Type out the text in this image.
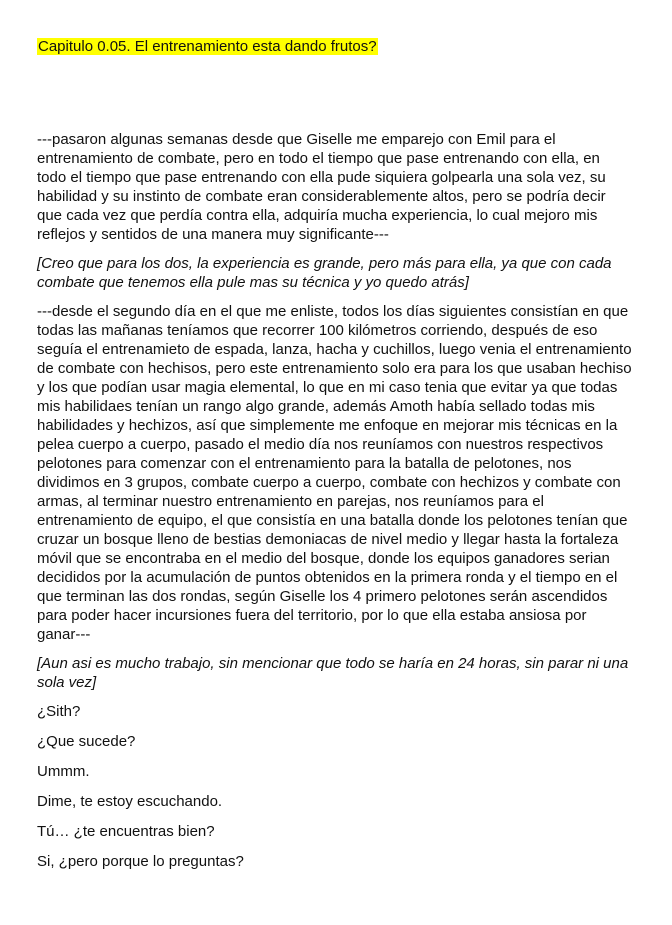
Capitulo 0.05. El entrenamiento esta dando frutos?

---pasaron algunas semanas desde que Giselle me emparejo con Emil para el entrenamiento de combate, pero en todo el tiempo que pase entrenando con ella, en todo el tiempo que pase entrenando con ella pude siquiera golpearla una sola vez, su habilidad y su instinto de combate eran considerablemente altos, pero se podría decir que cada vez que perdía contra ella, adquiría mucha experiencia, lo cual mejoro mis reflejos y sentidos de una manera muy significante---

[Creo que para los dos, la experiencia es grande, pero más para ella, ya que con cada combate que tenemos ella pule mas su técnica y yo quedo atrás]

---desde el segundo día en el que me enliste, todos los días siguientes consistían en que todas las mañanas teníamos que recorrer 100 kilómetros corriendo, después de eso seguía el entrenamieto de espada, lanza, hacha y cuchillos, luego venia el entrenamiento de combate con hechisos, pero este entrenamiento solo era para los que usaban hechiso y los que podían usar magia elemental, lo que en mi caso tenia que evitar ya que todas mis habilidaes tenían un rango algo grande, además Amoth había sellado todas mis habilidades y hechizos, así que simplemente me enfoque en mejorar mis técnicas en la pelea cuerpo a cuerpo, pasado el medio día nos reuníamos con nuestros respectivos pelotones para comenzar con el entrenamiento para la batalla de pelotones, nos dividimos en 3 grupos, combate cuerpo a cuerpo, combate con hechizos y combate con armas, al terminar nuestro entrenamiento en parejas, nos reuníamos para el entrenamiento de equipo, el que consistía en una batalla donde los pelotones tenían que cruzar un bosque lleno de bestias demoniacas de nivel medio y llegar hasta la fortaleza móvil que se encontraba en el medio del bosque, donde los equipos ganadores serian decididos por la acumulación de puntos obtenidos en la primera ronda y el tiempo en el que terminan las dos rondas, según Giselle los 4 primero pelotones serán ascendidos para poder hacer incursiones fuera del territorio, por lo que ella estaba ansiosa por ganar---

[Aun asi es mucho trabajo, sin mencionar que todo se haría en 24 horas, sin parar ni una sola vez]

¿Sith?

¿Que sucede?

Ummm.

Dime, te estoy escuchando.

Tú… ¿te encuentras bien?

Si, ¿pero porque lo preguntas?
